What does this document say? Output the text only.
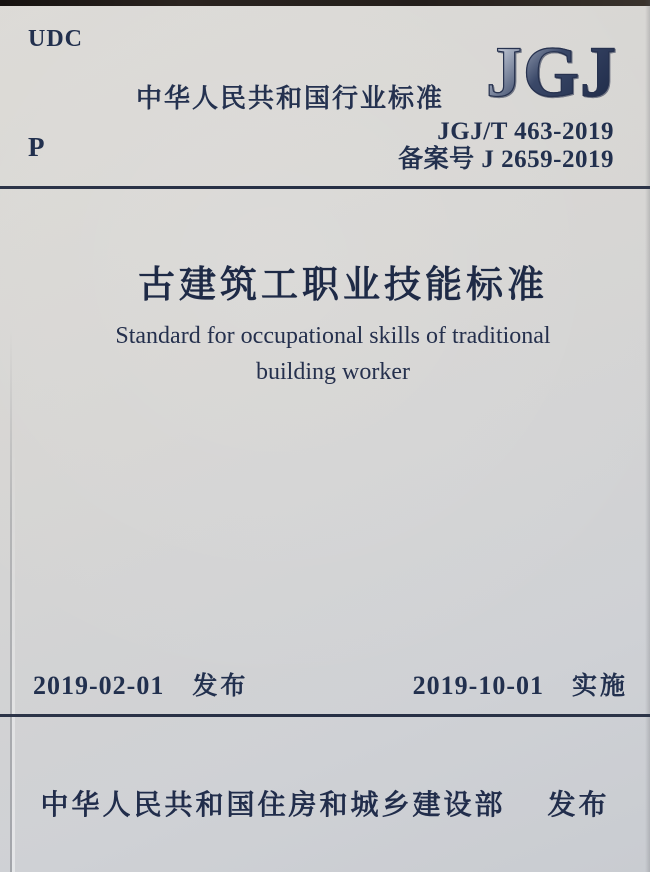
UDC
中华人民共和国行业标准 JGJ
P
JGJ/T 463-2019
备案号 J 2659-2019
古建筑工职业技能标准
Standard for occupational skills of traditional
building worker
2019-02-01 发布	2019-10-01 实施
中华人民共和国住房和城乡建设部 发布
